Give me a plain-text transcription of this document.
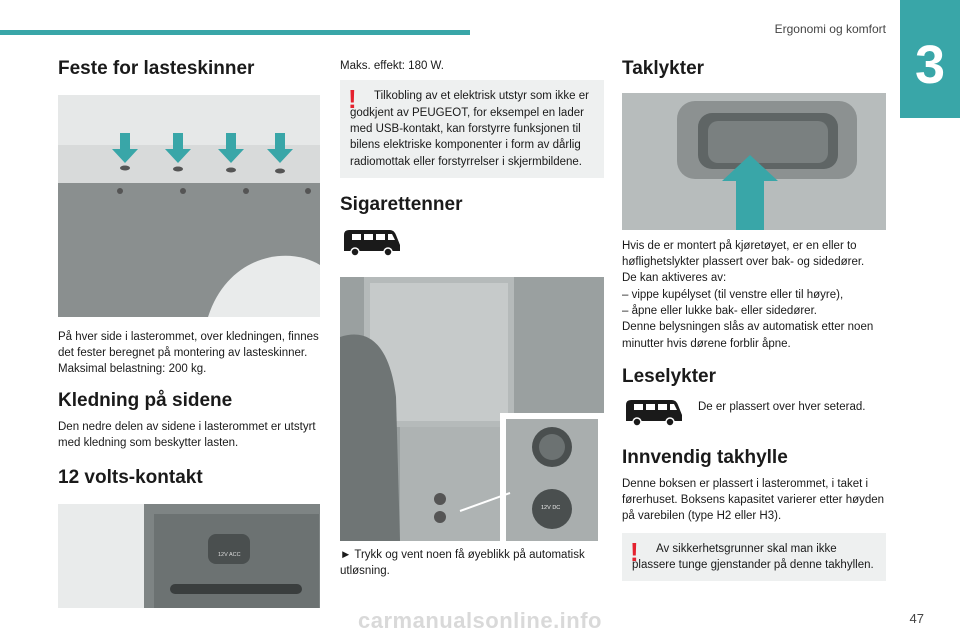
Ergonomi og komfort
3
Feste for lasteskinner

På hver side i lasterommet, over kledningen, finnes det fester beregnet på montering av lasteskinner.

Maksimal belastning: 200 kg.

Kledning på sidene

Den nedre delen av sidene i lasterommet er utstyrt med kledning som beskytter lasten.

12 volts-kontakt
12V ACC

Maks. effekt: 180 W.

!	Tilkobling av et elektrisk utstyr som ikke er godkjent av PEUGEOT, for eksempel en lader med USB-kontakt, kan forstyrre funksjonen til bilens elektriske komponenter i form av dårlig radiomottak eller forstyrrelser i skjermbildene.
Sigarettenner
12V DC

► Trykk og vent noen få øyeblikk på automatisk utløsning.

Taklykter

Hvis de er montert på kjøretøyet, er en eller to høflighetslykter plassert over bak- og sidedører.

De kan aktiveres av:

– vippe kupélyset (til venstre eller til høyre),

– åpne eller lukke bak- eller sidedører.

Denne belysningen slås av automatisk etter noen minutter hvis dørene forblir åpne.

Leselykter

De er plassert over hver seterad.

Innvendig takhylle

Denne boksen er plassert i lasterommet, i taket i førerhuset. Boksens kapasitet varierer etter høyden på varebilen (type H2 eller H3).

!	Av sikkerhetsgrunner skal man ikke plassere tunge gjenstander på denne takhyllen.
47
carmanualsonline.info
